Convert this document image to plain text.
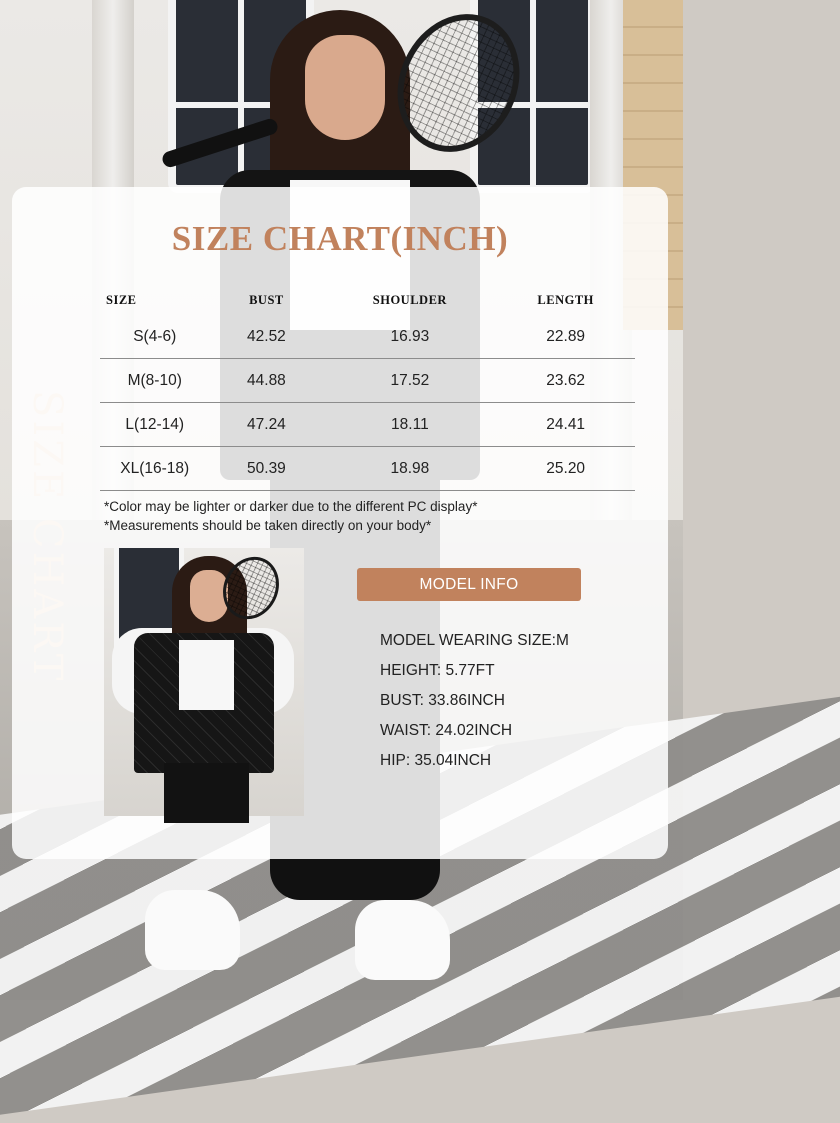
SIZE CHART(INCH)
SIZE	BUST	SHOULDER	LENGTH
S(4-6)	42.52	16.93	22.89
M(8-10)	44.88	17.52	23.62
L(12-14)	47.24	18.11	24.41
XL(16-18)	50.39	18.98	25.20
*Color may be lighter or darker due to the different PC display*
*Measurements should be taken directly on your body*
MODEL INFO
MODEL WEARING SIZE:M
HEIGHT: 5.77FT
BUST: 33.86INCH
WAIST: 24.02INCH
HIP: 35.04INCH
